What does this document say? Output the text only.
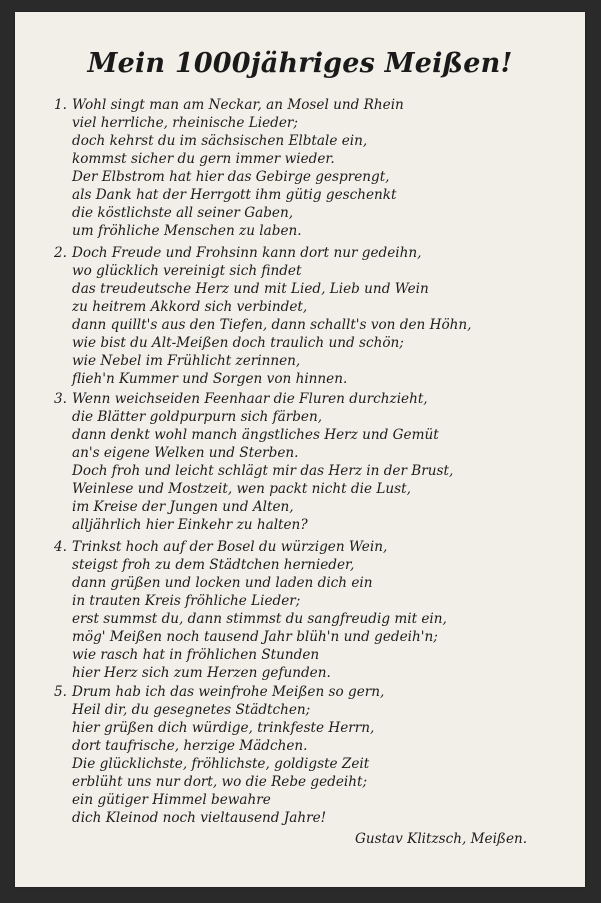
Mein 1000jähriges Meißen!
1. Wohl singt man am Neckar, an Mosel und Rhein
viel herrliche, rheinische Lieder;
doch kehrst du im sächsischen Elbtale ein,
kommst sicher du gern immer wieder.
Der Elbstrom hat hier das Gebirge gesprengt,
als Dank hat der Herrgott ihm gütig geschenkt
die köstlichste all seiner Gaben,
um fröhliche Menschen zu laben.
2. Doch Freude und Frohsinn kann dort nur gedeihn,
wo glücklich vereinigt sich findet
das treudeutsche Herz und mit Lied, Lieb und Wein
zu heitrem Akkord sich verbindet,
dann quillt's aus den Tiefen, dann schallt's von den Höhn,
wie bist du Alt-Meißen doch traulich und schön;
wie Nebel im Frühlicht zerinnen,
flieh'n Kummer und Sorgen von hinnen.
3. Wenn weichseiden Feenhaar die Fluren durchzieht,
die Blätter goldpurpurn sich färben,
dann denkt wohl manch ängstliches Herz und Gemüt
an's eigene Welken und Sterben.
Doch froh und leicht schlägt mir das Herz in der Brust,
Weinlese und Mostzeit, wen packt nicht die Lust,
im Kreise der Jungen und Alten,
alljährlich hier Einkehr zu halten?
4. Trinkst hoch auf der Bosel du würzigen Wein,
steigst froh zu dem Städtchen hernieder,
dann grüßen und locken und laden dich ein
in trauten Kreis fröhliche Lieder;
erst summst du, dann stimmst du sangfreudig mit ein,
mög' Meißen noch tausend Jahr blüh'n und gedeih'n;
wie rasch hat in fröhlichen Stunden
hier Herz sich zum Herzen gefunden.
5. Drum hab ich das weinfrohe Meißen so gern,
Heil dir, du gesegnetes Städtchen;
hier grüßen dich würdige, trinkfeste Herrn,
dort taufrische, herzige Mädchen.
Die glücklichste, fröhlichste, goldigste Zeit
erblüht uns nur dort, wo die Rebe gedeiht;
ein gütiger Himmel bewahre
dich Kleinod noch vieltausend Jahre!
Gustav Klitzsch, Meißen.
